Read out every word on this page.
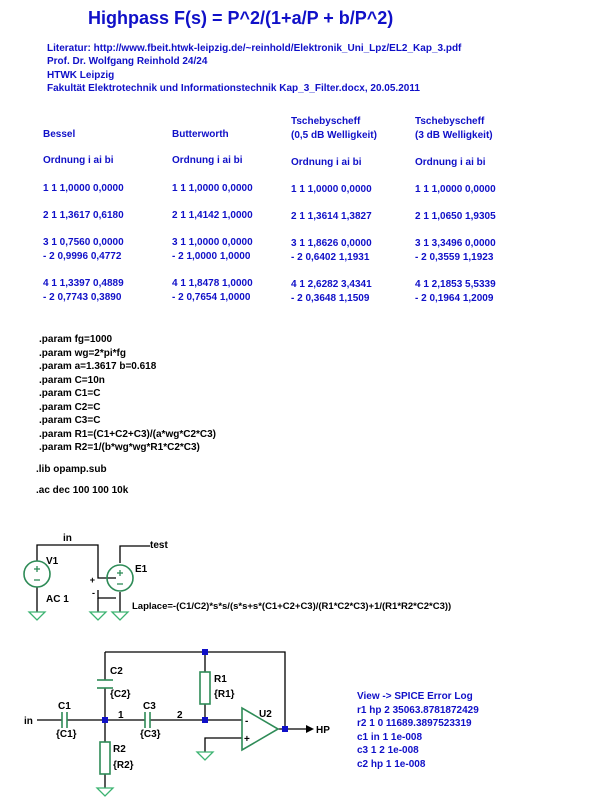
Highpass F(s) = P^2/(1+a/P + b/P^2)
Literatur: http://www.fbeit.htwk-leipzig.de/~reinhold/Elektronik_Uni_Lpz/EL2_Kap_3.pdf
Prof. Dr. Wolfgang Reinhold 24/24
HTWK Leipzig
Fakultät Elektrotechnik und Informationstechnik Kap_3_Filter.docx, 20.05.2011
Bessel
Ordnung i ai bi
1 1 1,0000 0,0000
2 1 1,3617 0,6180
3 1 0,7560 0,0000
- 2 0,9996 0,4772
4 1 1,3397 0,4889
- 2 0,7743 0,3890
Butterworth
Ordnung i ai bi
1 1 1,0000 0,0000
2 1 1,4142 1,0000
3 1 1,0000 0,0000
- 2 1,0000 1,0000
4 1 1,8478 1,0000
- 2 0,7654 1,0000
Tschebyscheff
(0,5 dB Welligkeit)
Ordnung i ai bi
1 1 1,0000 0,0000
2 1 1,3614 1,3827
3 1 1,8626 0,0000
- 2 0,6402 1,1931
4 1 2,6282 3,4341
- 2 0,3648 1,1509
Tschebyscheff
(3 dB Welligkeit)
Ordnung i ai bi
1 1 1,0000 0,0000
2 1 1,0650 1,9305
3 1 3,3496 0,0000
- 2 0,3559 1,1923
4 1 2,1853 5,5339
- 2 0,1964 1,2009
.param fg=1000
.param wg=2*pi*fg
.param a=1.3617 b=0.618
.param C=10n
.param C1=C
.param C2=C
.param C3=C
.param R1=(C1+C2+C3)/(a*wg*C2*C3)
.param R2=1/(b*wg*wg*R1*C2*C3)
.lib opamp.sub
.ac dec 100 100 10k
View -> SPICE Error Log
r1 hp 2 35063.8781872429
r2 1 0 11689.3897523319
c1 in 1 1e-008
c3 1 2 1e-008
c2 hp 1 1e-008
+
-
in
test
V1
AC 1
E1
Laplace=-(C1/C2)*s*s/(s*s+s*(C1+C2+C3)/(R1*C2*C3)+1/(R1*R2*C2*C3))
-
+
in
1	2
HP
C1
{C1}
C2
{C2}
C3
{C3}
R1
{R1}
R2
{R2}
U2
